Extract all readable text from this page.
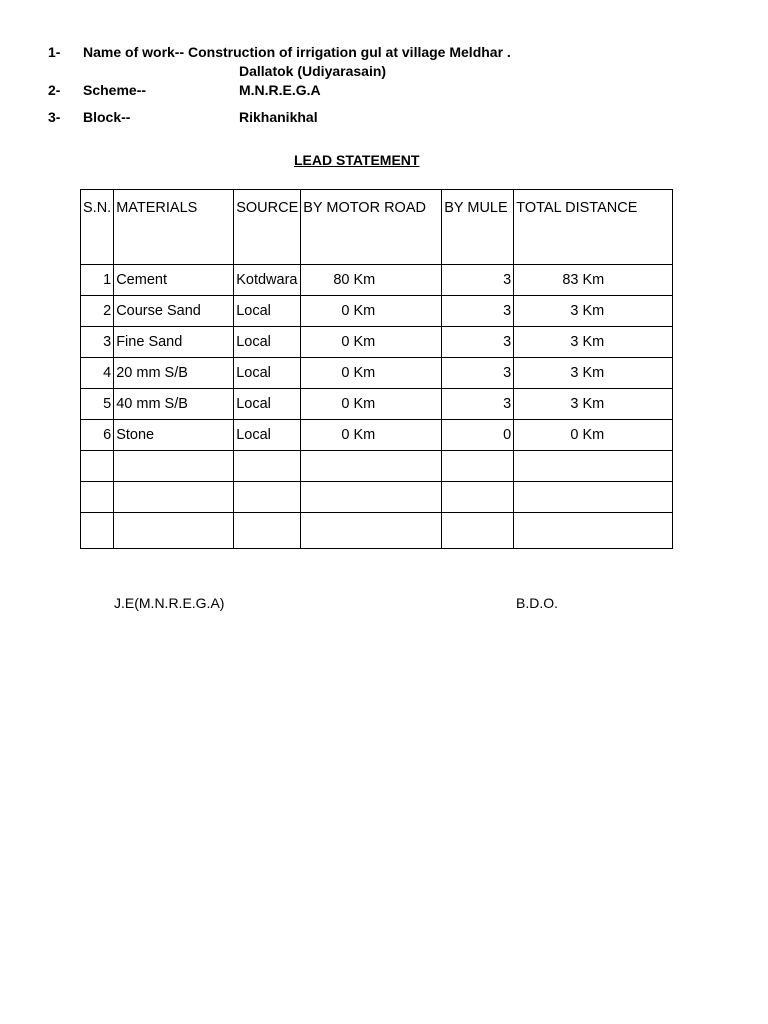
1- Name of work-- Construction of irrigation gul at village Meldhar .
Dallatok (Udiyarasain)
2- Scheme--	M.N.R.E.G.A
3- Block--	Rikhanikhal
LEAD STATEMENT
S.N.	MATERIALS	SOURCE	BY MOTOR ROAD	BY MULE	TOTAL DISTANCE
1	Cement	Kotdwara	80 Km	3	83 Km
2	Course Sand	Local	0 Km	3	3 Km
3	Fine Sand	Local	0 Km	3	3 Km
4	20 mm S/B	Local	0 Km	3	3 Km
5	40 mm S/B	Local	0 Km	3	3 Km
6	Stone	Local	0 Km	0	0 Km

J.E(M.N.R.E.G.A)	B.D.O.
